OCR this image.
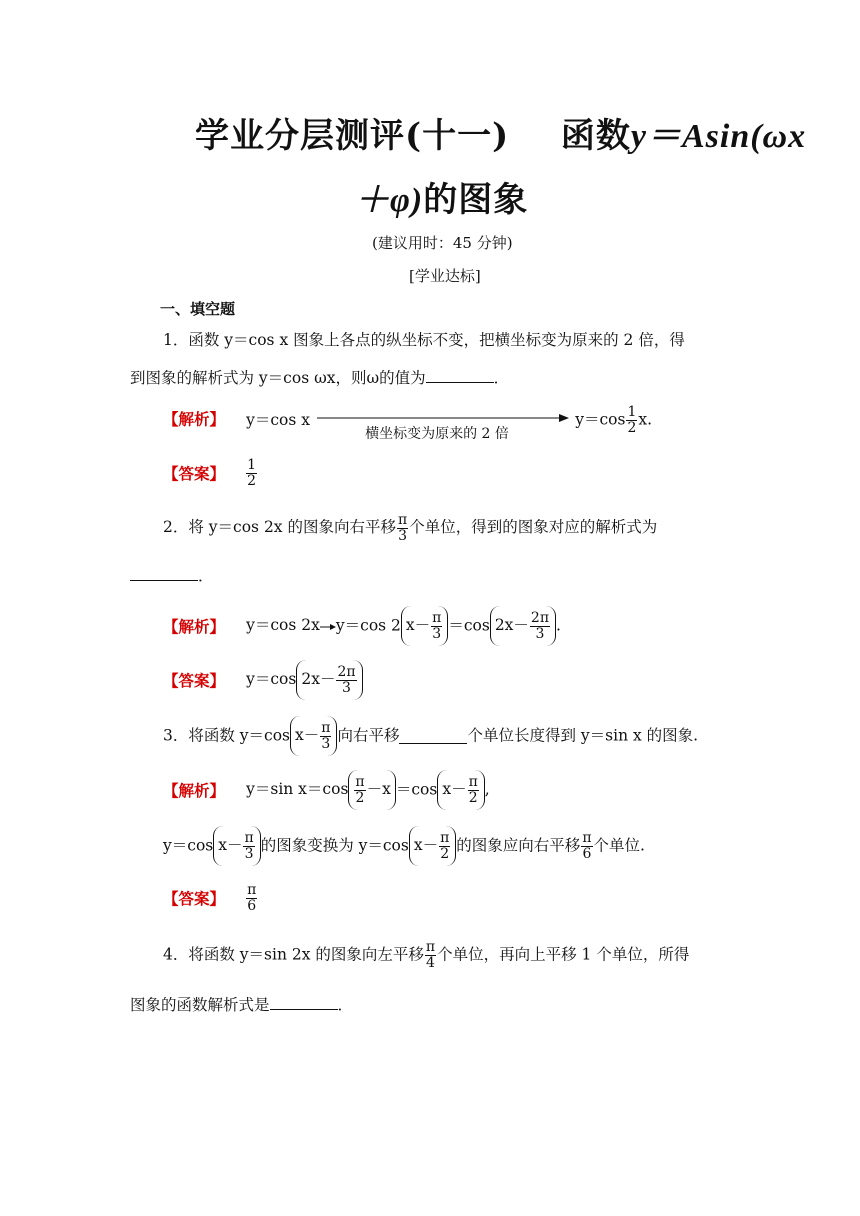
学业分层测评(十一) 函数y＝Asin(ωx
＋φ)的图象
(建议用时：45 分钟)
[学业达标]
一、填空题
1．函数 y＝cos x 图象上各点的纵坐标不变，把横坐标变为原来的 2 倍，得
到图象的解析式为 y＝cos ωx，则ω的值为	．
【解析】 y＝cos x
横坐标变为原来的 2 倍
$y=\cos \frac{1}{2} x$.
【答案】 $\frac{1}{2}$
2．将 y＝cos 2x 的图象向右平移 $\frac{\pi}{3}$ 个单位，得到的图象对应的解析式为
．
【解析】 y＝cos 2x y＝cos 2 $x- \frac{\pi}{3} =\cos$ $2x- \frac{2\pi}{3}$ .
【答案】 y＝cos $2x- \frac{2\pi}{3}$
3．将函数 y＝cos $x- \frac{\pi}{3}$ 向右平移	个单位长度得到 y＝sin x 的图象.
【解析】 y＝sin $x=\cos \frac{\pi}{2} -x =\cos$ $x- \frac{\pi}{2}$ ,
y＝cos $x- \frac{\pi}{3}$ 的图象变换为 y＝cos $x- \frac{\pi}{2}$ 的图象应向右平移 $\frac{\pi}{6}$ 个单位.
【答案】 $\frac{\pi}{6}$
4．将函数 y＝sin 2x 的图象向左平移 $\frac{\pi}{4}$ 个单位，再向上平移 1 个单位，所得
图象的函数解析式是	．
